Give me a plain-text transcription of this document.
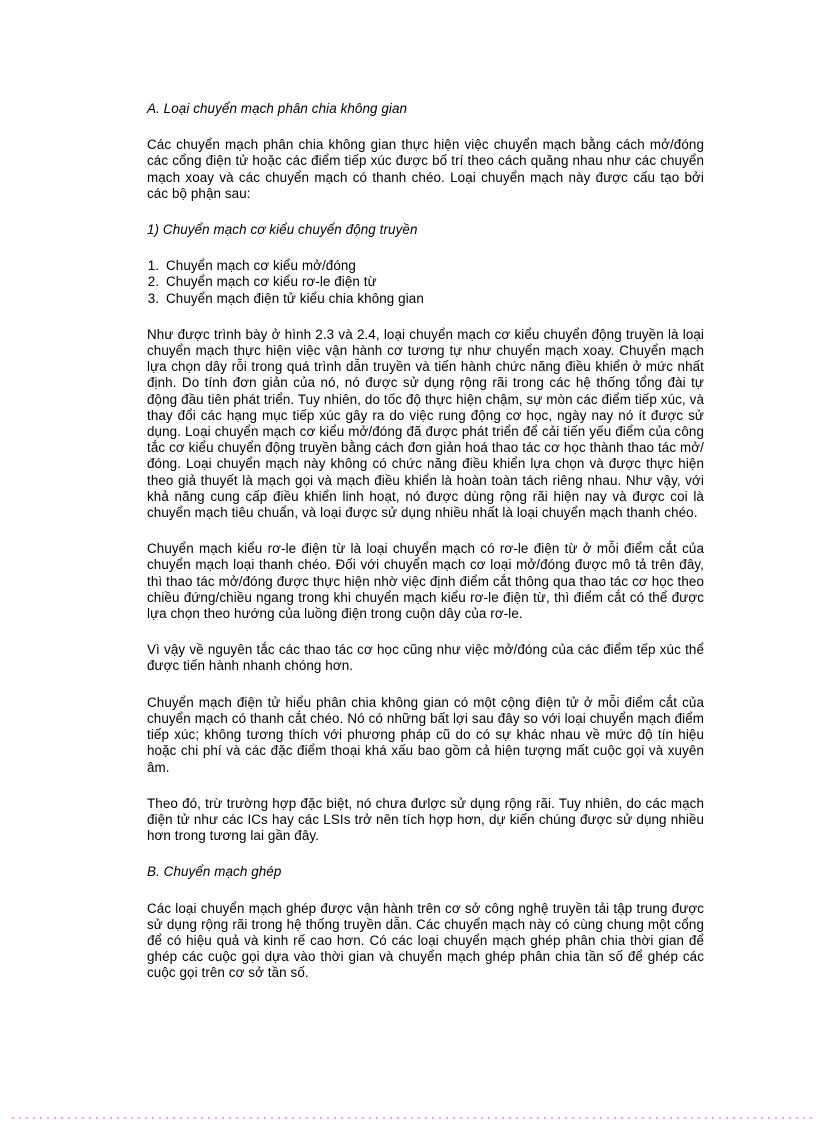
A. Loại chuyển mạch phân chia không gian

Các chuyển mạch phân chia không gian thực hiện việc chuyển mạch bằng cách mở/đóng các cổng điện tử hoặc các điểm tiếp xúc được bố trí theo cách quăng nhau như các chuyển mạch xoay và các chuyển mạch có thanh chéo. Loại chuyển mạch này được cấu tạo bởi các bộ phận sau:

1) Chuyển mạch cơ kiểu chuyển động truyền

1. Chuyển mạch cơ kiểu mở/đóng
2. Chuyển mạch cơ kiểu rơ-le điện từ
3. Chuyển mạch điện tử kiểu chia không gian

Như được trình bày ở hình 2.3 và 2.4, loại chuyển mạch cơ kiểu chuyển động truyền là loại chuyển mạch thực hiện việc vận hành cơ tương tự như chuyển mạch xoay. Chuyển mạch lựa chọn dây rỗi trong quá trình dẫn truyền và tiến hành chức năng điều khiển ở mức nhất định. Do tính đơn giản của nó, nó được sử dụng rộng rãi trong các hệ thống tổng đài tự động đầu tiên phát triển. Tuy nhiên, do tốc độ thực hiện chậm, sự mòn các điểm tiếp xúc, và thay đổi các hạng mục tiếp xúc gây ra do việc rung động cơ học, ngày nay nó ít được sử dụng. Loại chuyển mạch cơ kiểu mở/đóng đã được phát triển để cải tiến yếu điểm của công tắc cơ kiểu chuyển động truyền bằng cách đơn giản hoá thao tác cơ học thành thao tác mở/đóng. Loại chuyển mạch này không có chức năng điều khiển lựa chọn và được thực hiện theo giả thuyết là mạch gọi và mạch điều khiển là hoàn toàn tách riêng nhau. Như vậy, với khả năng cung cấp điều khiển linh hoạt, nó được dùng rộng rãi hiện nay và được coi là chuyển mạch tiêu chuẩn, và loại được sử dụng nhiều nhất là loại chuyển mạch thanh chéo.

Chuyển mạch kiểu rơ-le điện từ là loại chuyển mạch có rơ-le điện từ ở mỗi điểm cắt của chuyển mạch loại thanh chéo. Đối với chuyển mạch cơ loại mở/đóng được mô tả trên đây, thì thao tác mở/đóng được thực hiện nhờ việc định điểm cắt thông qua thao tác cơ học theo chiều đứng/chiều ngang trong khi chuyển mạch kiểu rơ-le điện từ, thì điểm cắt có thể được lựa chọn theo hướng của luồng điện trong cuộn dây của rơ-le.

Vì vậy về nguyên tắc các thao tác cơ học cũng như việc mở/đóng của các điểm tếp xúc thể được tiến hành nhanh chóng hơn.

Chuyển mạch điện tử hiểu phân chia không gian có một cộng điện tử ở mỗi điểm cắt của chuyển mạch có thanh cắt chéo. Nó có những bất lợi sau đây so với loại chuyển mạch điểm tiếp xúc; không tương thích với phương pháp cũ do có sự khác nhau về mức độ tín hiệu hoặc chi phí và các đặc điểm thoại khá xấu bao gồm cả hiện tượng mất cuộc gọi và xuyên âm.

Theo đó, trừ trường hợp đặc biệt, nó chưa đưlợc sử dụng rộng rãi. Tuy nhiên, do các mạch điện tử như các ICs hay các LSIs trở nên tích hợp hơn, dự kiến chúng được sử dụng nhiều hơn trong tương lai gần đây.

B. Chuyển mạch ghép

Các loại chuyển mạch ghép được vận hành trên cơ sở công nghệ truyền tải tập trung được sử dụng rộng rãi trong hệ thống truyền dẫn. Các chuyển mạch này có cùng chung một cổng để có hiệu quả và kinh rế cao hơn. Có các loại chuyển mạch ghép phân chia thời gian để ghép các cuộc gọi dựa vào thời gian và chuyển mạch ghép phân chia tần số để ghép các cuộc gọi trên cơ sở tần số.
